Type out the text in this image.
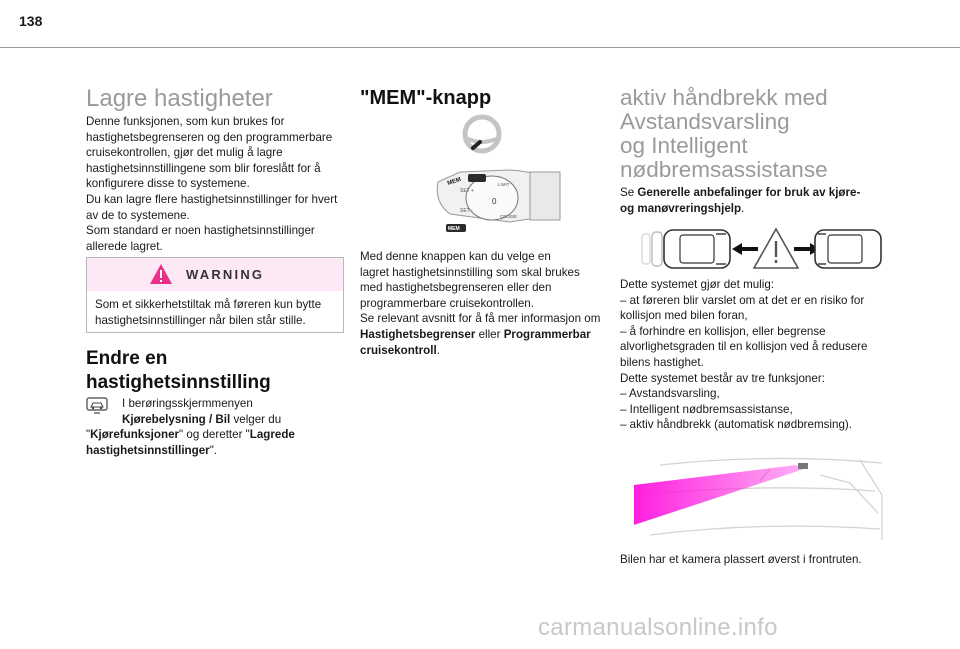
138
Lagre hastigheter
Denne funksjonen, som kun brukes for
hastighetsbegrenseren og den programmerbare
cruisekontrollen, gjør det mulig å lagre
hastighetsinnstillingene som blir foreslått for å
konfigurere disse to systemene.
Du kan lagre flere hastighetsinnstillinger for hvert
av de to systemene.
Som standard er noen hastighetsinnstillinger
allerede lagret.
WARNING
Som et sikkerhetstiltak må føreren kun bytte
hastighetsinnstillinger når bilen står stille.
Endre en
hastighetsinnstilling
I berøringsskjermmenyen
Kjørebelysning / Bil velger du
"Kjørefunksjoner" og deretter "Lagrede
hastighetsinnstillinger".
"MEM"-knapp
MEM
SET +
0
SET -
LIMIT
CRUISE
MEM
Med denne knappen kan du velge en
lagret hastighetsinnstilling som skal brukes
med hastighetsbegrenseren eller den
programmerbare cruisekontrollen.
Se relevant avsnitt for å få mer informasjon om
Hastighetsbegrenser eller Programmerbar
cruisekontroll.
aktiv håndbrekk med
Avstandsvarsling
og Intelligent
nødbremsassistanse
Se Generelle anbefalinger for bruk av kjøre-
og manøvreringshjelp.
Dette systemet gjør det mulig:
– at føreren blir varslet om at det er en risiko for
kollisjon med bilen foran,
– å forhindre en kollisjon, eller begrense
alvorlighetsgraden til en kollisjon ved å redusere
bilens hastighet.
Dette systemet består av tre funksjoner:
– Avstandsvarsling,
– Intelligent nødbremsassistanse,
– aktiv håndbrekk (automatisk nødbremsing).
Bilen har et kamera plassert øverst i frontruten.
carmanualsonline.info
